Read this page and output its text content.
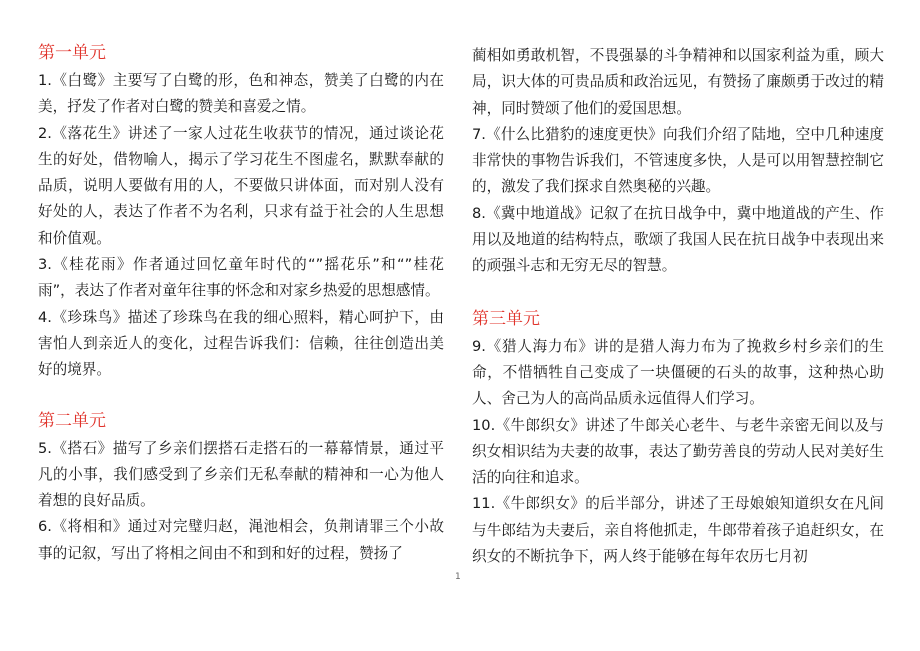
第一单元

1.《白鹭》主要写了白鹭的形，色和神态，赞美了白鹭的内在美，抒发了作者对白鹭的赞美和喜爱之情。

2.《落花生》讲述了一家人过花生收获节的情况，通过谈论花生的好处，借物喻人，揭示了学习花生不图虚名，默默奉献的品质，说明人要做有用的人，不要做只讲体面，而对别人没有好处的人，表达了作者不为名利，只求有益于社会的人生思想和价值观。

3.《桂花雨》作者通过回忆童年时代的“”摇花乐”和“”桂花雨”，表达了作者对童年往事的怀念和对家乡热爱的思想感情。

4.《珍珠鸟》描述了珍珠鸟在我的细心照料，精心呵护下，由害怕人到亲近人的变化，过程告诉我们：信赖，往往创造出美好的境界。

第二单元

5.《搭石》描写了乡亲们摆搭石走搭石的一幕幕情景，通过平凡的小事，我们感受到了乡亲们无私奉献的精神和一心为他人着想的良好品质。

6.《将相和》通过对完璧归赵，渑池相会，负荆请罪三个小故事的记叙，写出了将相之间由不和到和好的过程，赞扬了

蔺相如勇敢机智，不畏强暴的斗争精神和以国家利益为重，顾大局，识大体的可贵品质和政治远见，有赞扬了廉颇勇于改过的精神，同时赞颂了他们的爱国思想。

7.《什么比猎豹的速度更快》向我们介绍了陆地，空中几种速度非常快的事物告诉我们，不管速度多快，人是可以用智慧控制它的，激发了我们探求自然奥秘的兴趣。

8.《冀中地道战》记叙了在抗日战争中，冀中地道战的产生、作用以及地道的结构特点，歌颂了我国人民在抗日战争中表现出来的顽强斗志和无穷无尽的智慧。

第三单元

9.《猎人海力布》讲的是猎人海力布为了挽救乡村乡亲们的生命，不惜牺牲自己变成了一块僵硬的石头的故事，这种热心助人、舍己为人的高尚品质永远值得人们学习。

10.《牛郎织女》讲述了牛郎关心老牛、与老牛亲密无间以及与织女相识结为夫妻的故事，表达了勤劳善良的劳动人民对美好生活的向往和追求。

11.《牛郎织女》的后半部分，讲述了王母娘娘知道织女在凡间与牛郎结为夫妻后，亲自将他抓走，牛郎带着孩子追赶织女，在织女的不断抗争下，两人终于能够在每年农历七月初

1
